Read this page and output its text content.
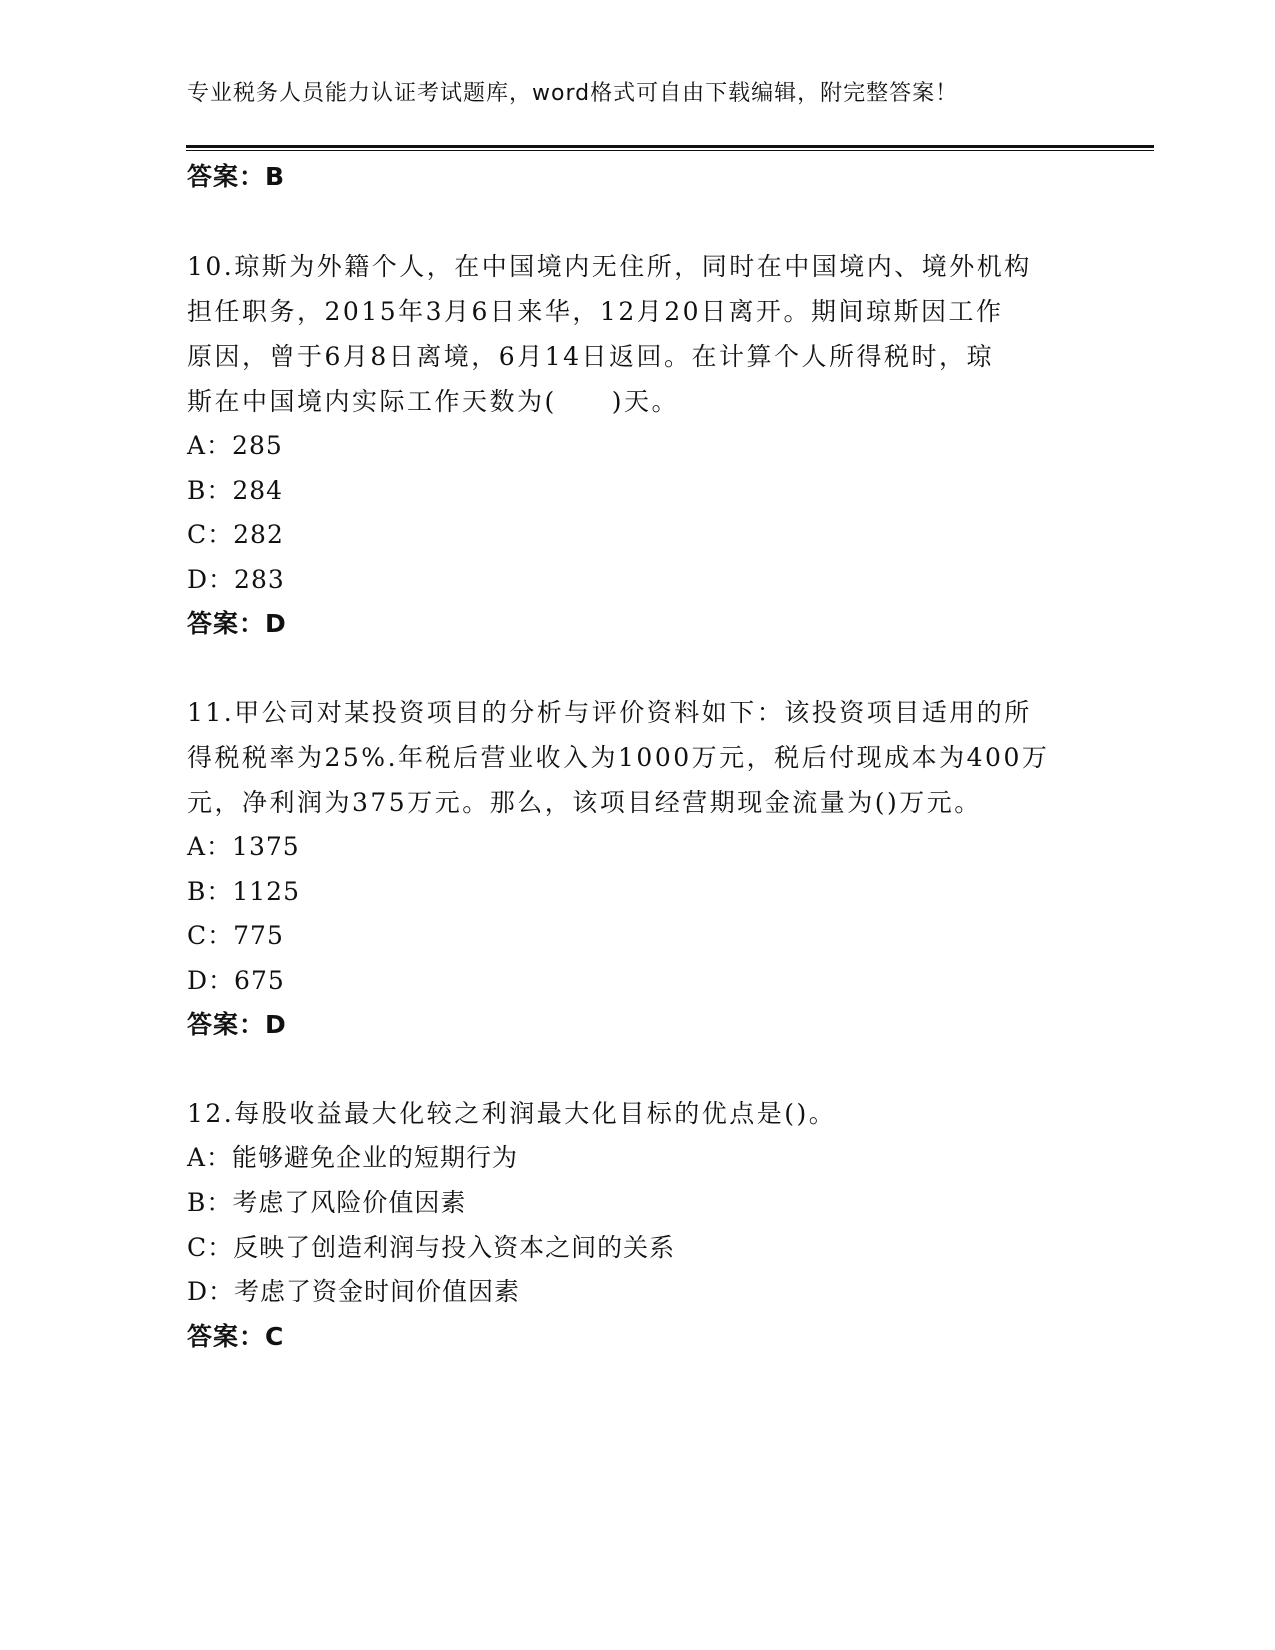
专业税务人员能力认证考试题库，word格式可自由下载编辑，附完整答案！
答案：B
10.琼斯为外籍个人，在中国境内无住所，同时在中国境内、境外机构
担任职务，2015年3月6日来华，12月20日离开。期间琼斯因工作
原因，曾于6月8日离境，6月14日返回。在计算个人所得税时，琼
斯在中国境内实际工作天数为(　　)天。
A：285
B：284
C：282
D：283
答案：D
11.甲公司对某投资项目的分析与评价资料如下：该投资项目适用的所
得税税率为25%.年税后营业收入为1000万元，税后付现成本为400万
元，净利润为375万元。那么，该项目经营期现金流量为()万元。
A：1375
B：1125
C：775
D：675
答案：D
12.每股收益最大化较之利润最大化目标的优点是()。
A：能够避免企业的短期行为
B：考虑了风险价值因素
C：反映了创造利润与投入资本之间的关系
D：考虑了资金时间价值因素
答案：C
